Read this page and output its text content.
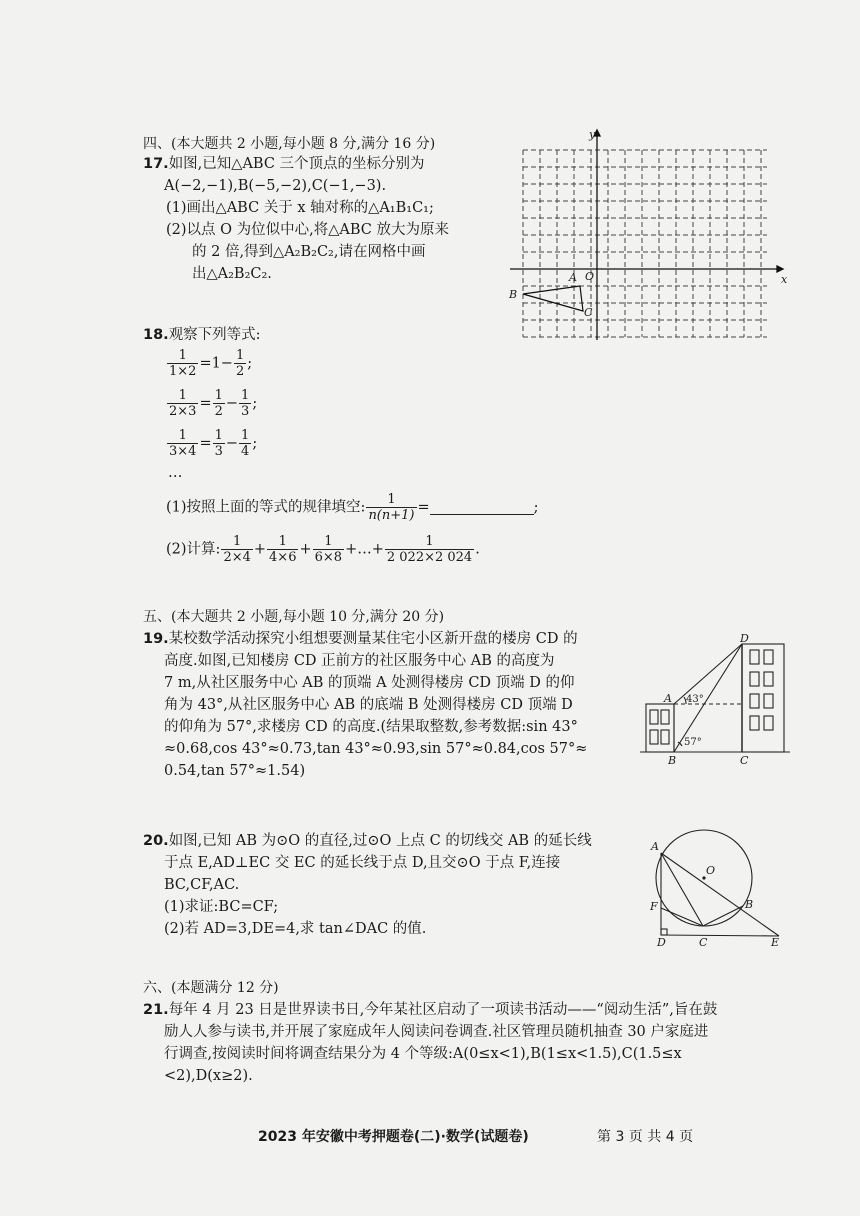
四、(本大题共 2 小题,每小题 8 分,满分 16 分)
17.如图,已知△ABC 三个顶点的坐标分别为
A(−2,−1),B(−5,−2),C(−1,−3).
(1)画出△ABC 关于 x 轴对称的△A₁B₁C₁;
(2)以点 O 为位似中心,将△ABC 放大为原来
的 2 倍,得到△A₂B₂C₂,请在网格中画
出△A₂B₂C₂.	x
y
O
A
B
C
18.观察下列等式:
$\frac{1}{1\times 2} =1- \frac{1}{2}$ ;
$\frac{1}{2\times 3} = \frac{1}{2} - \frac{1}{3}$ ;
$\frac{1}{3\times 4} = \frac{1}{3} - \frac{1}{4}$ ;
…
(1)按照上面的等式的规律填空: $\frac{1}{n(n+1)}$ =	;
(2)计算: $\frac{1}{2\times 4} + \frac{1}{4\times 6} + \frac{1}{6\times 8}$ +…+ $\frac{1}{2 022\times 2 024}$ .
五、(本大题共 2 小题,每小题 10 分,满分 20 分)
19.某校数学活动探究小组想要测量某住宅小区新开盘的楼房 CD 的
高度.如图,已知楼房 CD 正前方的社区服务中心 AB 的高度为
7 m,从社区服务中心 AB 的顶端 A 处测得楼房 CD 顶端 D 的仰
角为 43°,从社区服务中心 AB 的底端 B 处测得楼房 CD 顶端 D
的仰角为 57°,求楼房 CD 的高度.(结果取整数,参考数据:sin 43°
≈0.68,cos 43°≈0.73,tan 43°≈0.93,sin 57°≈0.84,cos 57°≈
0.54,tan 57°≈1.54)
D
A
B	C
43°
57°
20.如图,已知 AB 为⊙O 的直径,过⊙O 上点 C 的切线交 AB 的延长线
于点 E,AD⊥EC 交 EC 的延长线于点 D,且交⊙O 于点 F,连接
BC,CF,AC.
(1)求证:BC=CF;
(2)若 AD=3,DE=4,求 tan∠DAC 的值.
A
O
F	B
D	C	E
六、(本题满分 12 分)
21.每年 4 月 23 日是世界读书日,今年某社区启动了一项读书活动——“阅动生活”,旨在鼓
励人人参与读书,并开展了家庭成年人阅读问卷调查.社区管理员随机抽查 30 户家庭进
行调查,按阅读时间将调查结果分为 4 个等级:A(0≤x<1),B(1≤x<1.5),C(1.5≤x
<2),D(x≥2).
2023 年安徽中考押题卷(二)·数学(试题卷)	第 3 页 共 4 页
